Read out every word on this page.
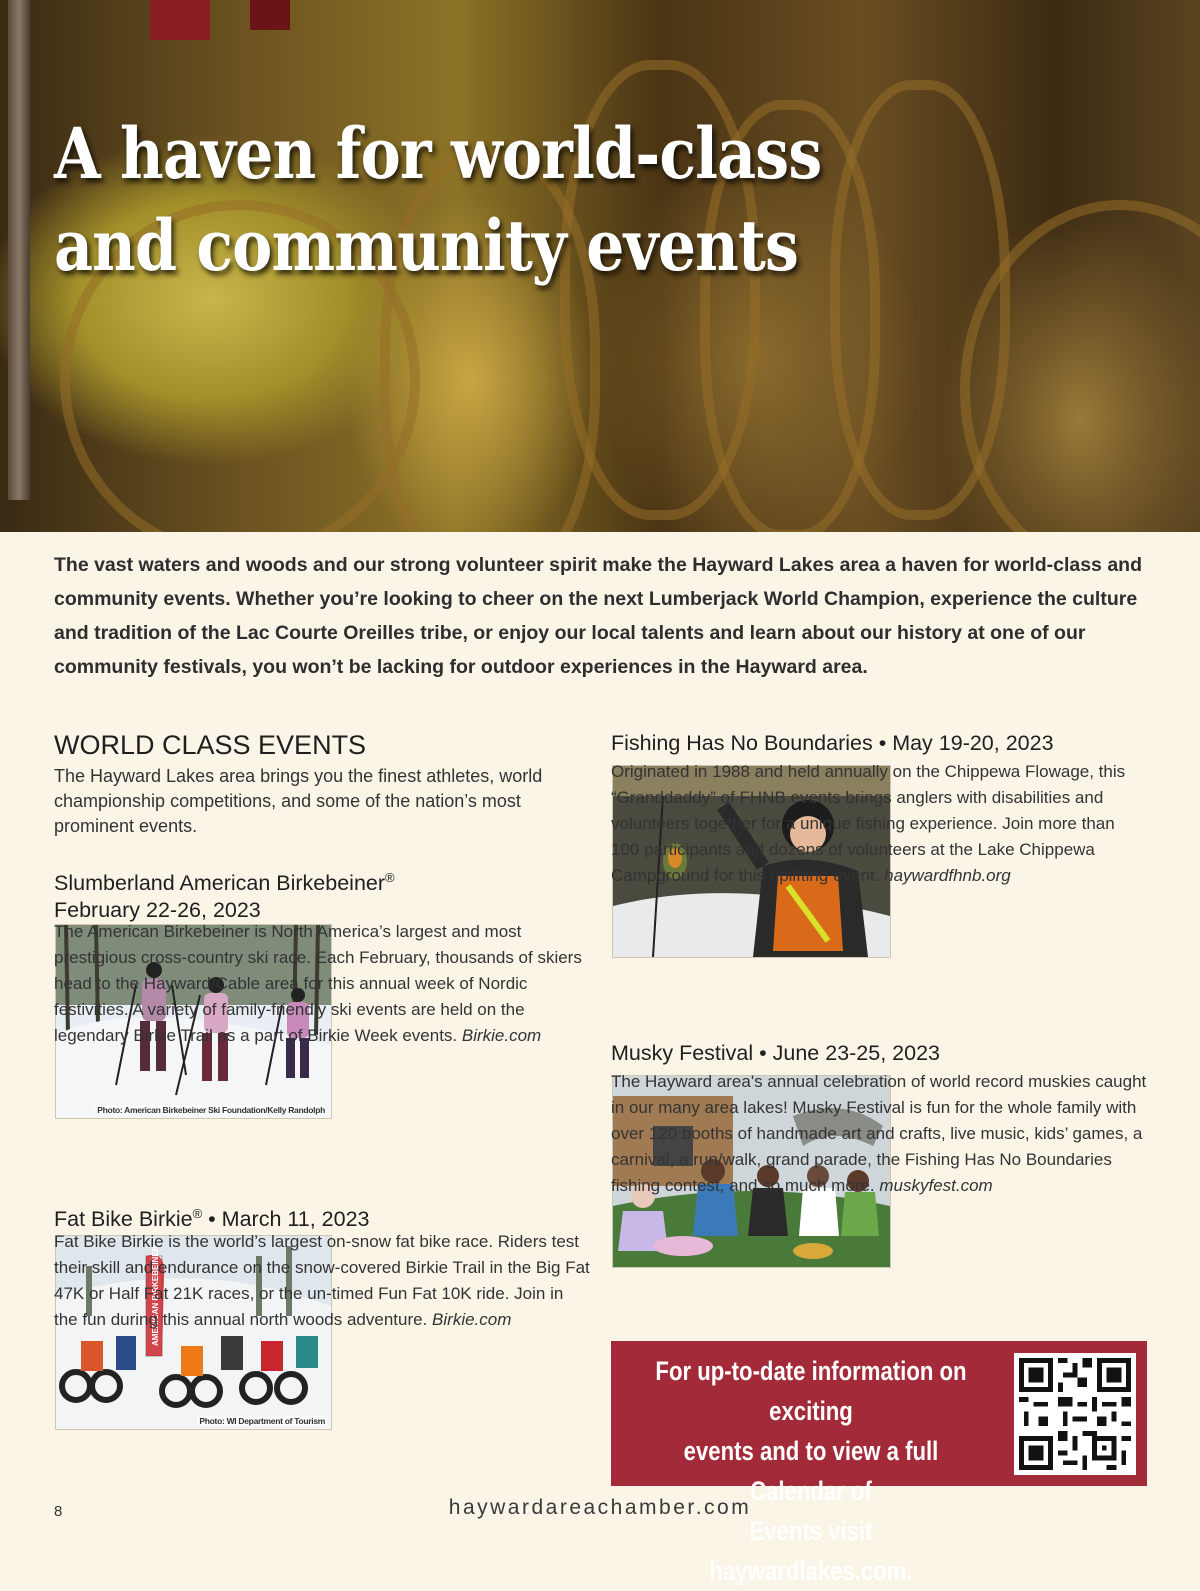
A haven for world-class
and community events

The vast waters and woods and our strong volunteer spirit make the Hayward Lakes area a haven for world-class and community events. Whether you’re looking to cheer on the next Lumberjack World Champion, experience the culture and tradition of the Lac Courte Oreilles tribe, or enjoy our local talents and learn about our history at one of our community festivals, you won’t be lacking for outdoor experiences in the Hayward area.

WORLD CLASS EVENTS

The Hayward Lakes area brings you the finest athletes, world championship competitions, and some of the nation’s most prominent events.

Slumberland American Birkebeiner®
February 22-26, 2023
Photo: American Birkebeiner Ski Foundation/Kelly Randolph

The American Birkebeiner is North America’s largest and most prestigious cross-country ski race. Each February, thousands of skiers head to the Hayward/Cable area for this annual week of Nordic festivities. A variety of family-friendly ski events are held on the legendary Birkie Trail as a part of Birkie Week events. Birkie.com

Fat Bike Birkie® • March 11, 2023
AMERICAN BIRKEBEINER
Photo: WI Department of Tourism

Fat Bike Birkie is the world’s largest on-snow fat bike race. Riders test their skill and endurance on the snow-covered Birkie Trail in the Big Fat 47K or Half Fat 21K races, or the un-timed Fun Fat 10K ride. Join in the fun during this annual north woods adventure. Birkie.com

Fishing Has No Boundaries • May 19-20, 2023

Originated in 1988 and held annually on the Chippewa Flowage, this “Granddaddy” of FHNB events brings anglers with disabilities and volunteers together for a unique fishing experience. Join more than 100 participants and dozens of volunteers at the Lake Chippewa Campground for this uplifting event. haywardfhnb.org

Musky Festival • June 23-25, 2023

The Hayward area's annual celebration of world record muskies caught in our many area lakes! Musky Festival is fun for the whole family with over 120 booths of handmade art and crafts, live music, kids’ games, a carnival, a run/walk, grand parade, the Fishing Has No Boundaries fishing contest, and so much more. muskyfest.com

For up-to-date information on exciting
events and to view a full Calendar of
Events visit haywardlakes.com.

8	haywardareachamber.com
